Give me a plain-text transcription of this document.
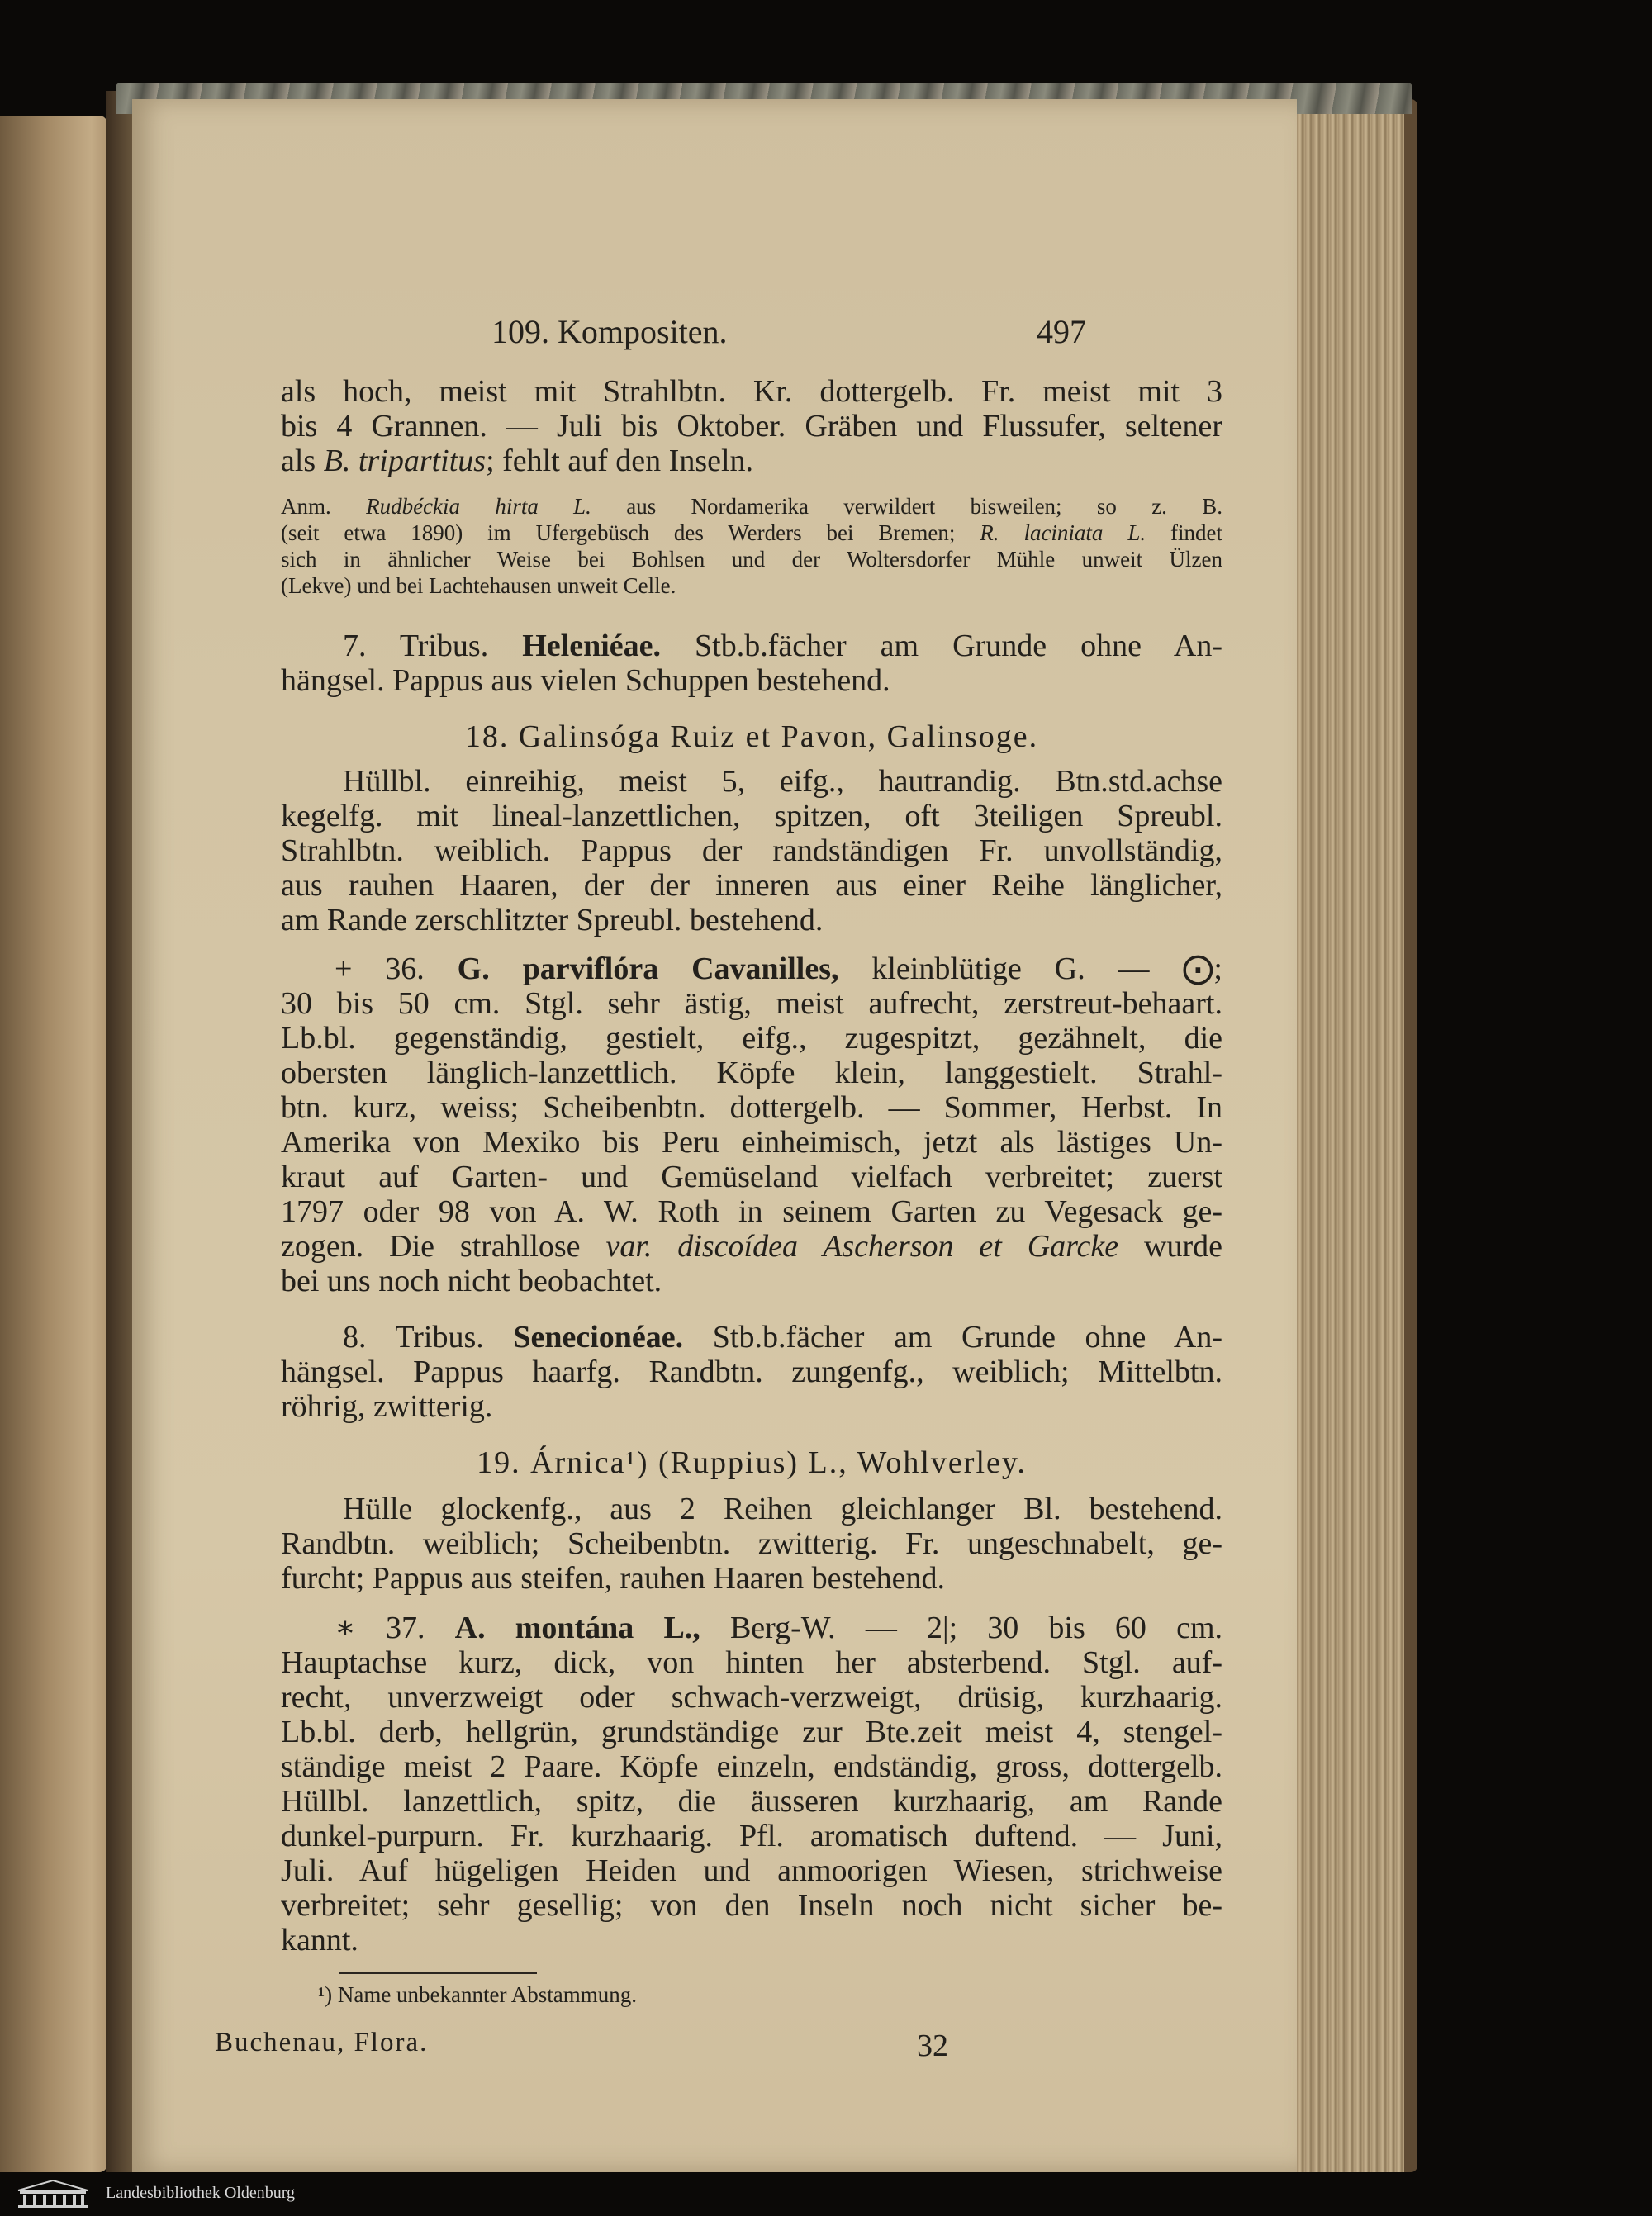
109. Kompositen.	497
als hoch, meist mit Strahlbtn. Kr. dottergelb. Fr. meist mit 3
bis 4 Grannen. — Juli bis Oktober. Gräben und Flussufer, seltener
als B. tripartitus; fehlt auf den Inseln.
Anm. Rudbéckia hirta L. aus Nordamerika verwildert bisweilen; so z. B.
(seit etwa 1890) im Ufergebüsch des Werders bei Bremen; R. laciniata L. findet
sich in ähnlicher Weise bei Bohlsen und der Woltersdorfer Mühle unweit Ülzen
(Lekve) und bei Lachtehausen unweit Celle.
7. Tribus. Heleniéae. Stb.b.fächer am Grunde ohne An-
hängsel. Pappus aus vielen Schuppen bestehend.
18. Galinsóga Ruiz et Pavon, Galinsoge.
Hüllbl. einreihig, meist 5, eifg., hautrandig. Btn.std.achse
kegelfg. mit lineal-lanzettlichen, spitzen, oft 3teiligen Spreubl.
Strahlbtn. weiblich. Pappus der randständigen Fr. unvollständig,
aus rauhen Haaren, der der inneren aus einer Reihe länglicher,
am Rande zerschlitzter Spreubl. bestehend.
+ 36. G. parviflóra Cavanilles, kleinblütige G. — ⨀;
30 bis 50 cm. Stgl. sehr ästig, meist aufrecht, zerstreut-behaart.
Lb.bl. gegenständig, gestielt, eifg., zugespitzt, gezähnelt, die
obersten länglich-lanzettlich. Köpfe klein, langgestielt. Strahl-
btn. kurz, weiss; Scheibenbtn. dottergelb. — Sommer, Herbst. In
Amerika von Mexiko bis Peru einheimisch, jetzt als lästiges Un-
kraut auf Garten- und Gemüseland vielfach verbreitet; zuerst
1797 oder 98 von A. W. Roth in seinem Garten zu Vegesack ge-
zogen. Die strahllose var. discoídea Ascherson et Garcke wurde
bei uns noch nicht beobachtet.
8. Tribus. Senecionéae. Stb.b.fächer am Grunde ohne An-
hängsel. Pappus haarfg. Randbtn. zungenfg., weiblich; Mittelbtn.
röhrig, zwitterig.
19. Árnica¹) (Ruppius) L., Wohlverley.
Hülle glockenfg., aus 2 Reihen gleichlanger Bl. bestehend.
Randbtn. weiblich; Scheibenbtn. zwitterig. Fr. ungeschnabelt, ge-
furcht; Pappus aus steifen, rauhen Haaren bestehend.
∗ 37. A. montána L., Berg-W. — 2|; 30 bis 60 cm.
Hauptachse kurz, dick, von hinten her absterbend. Stgl. auf-
recht, unverzweigt oder schwach-verzweigt, drüsig, kurzhaarig.
Lb.bl. derb, hellgrün, grundständige zur Bte.zeit meist 4, stengel-
ständige meist 2 Paare. Köpfe einzeln, endständig, gross, dottergelb.
Hüllbl. lanzettlich, spitz, die äusseren kurzhaarig, am Rande
dunkel-purpurn. Fr. kurzhaarig. Pfl. aromatisch duftend. — Juni,
Juli. Auf hügeligen Heiden und anmoorigen Wiesen, strichweise
verbreitet; sehr gesellig; von den Inseln noch nicht sicher be-
kannt.
¹) Name unbekannter Abstammung.
Buchenau, Flora.	32
Landesbibliothek Oldenburg
